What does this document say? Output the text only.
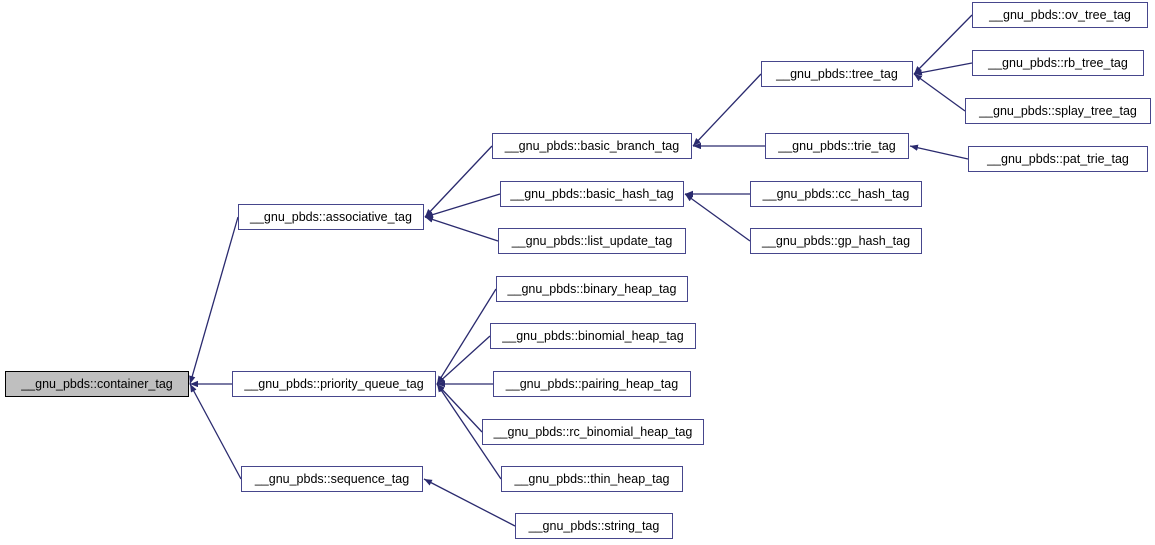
__gnu_pbds::container_tag
__gnu_pbds::associative_tag
__gnu_pbds::sequence_tag
__gnu_pbds::priority_queue_tag
__gnu_pbds::basic_branch_tag
__gnu_pbds::basic_hash_tag
__gnu_pbds::list_update_tag
__gnu_pbds::tree_tag
__gnu_pbds::trie_tag
__gnu_pbds::cc_hash_tag
__gnu_pbds::gp_hash_tag
__gnu_pbds::ov_tree_tag
__gnu_pbds::rb_tree_tag
__gnu_pbds::splay_tree_tag
__gnu_pbds::pat_trie_tag
__gnu_pbds::binary_heap_tag
__gnu_pbds::binomial_heap_tag
__gnu_pbds::pairing_heap_tag
__gnu_pbds::rc_binomial_heap_tag
__gnu_pbds::thin_heap_tag
__gnu_pbds::string_tag
